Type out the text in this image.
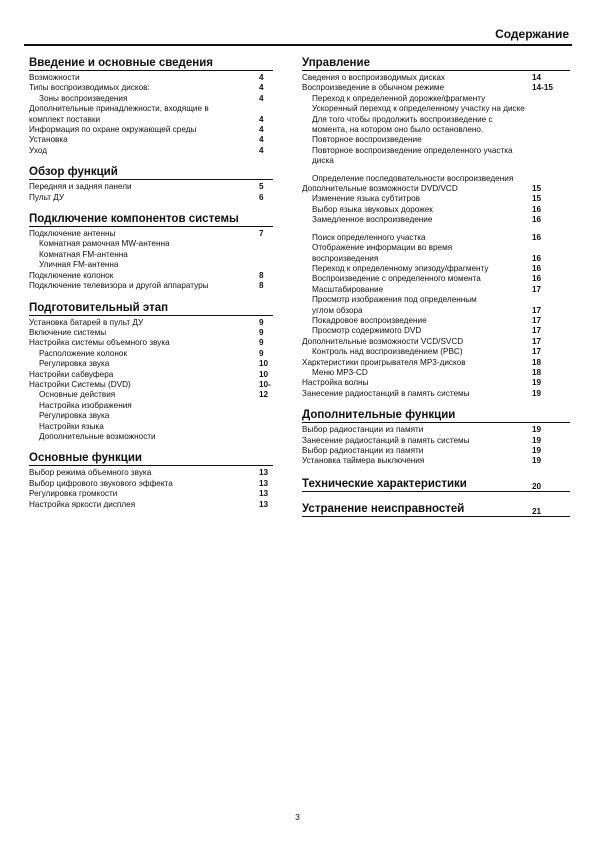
Содержание
Введение и основные сведения
Возможности	4
Типы воспроизводимых дисков:	4
Зоны воспроизведения	4
Дополнительные принадлежности, входящие в
комплект поставки	4
Информация по охране окружающей среды	4
Установка	4
Уход	4
Обзор функций
Передняя и задняя панели	5
Пульт ДУ	6
Подключение компонентов системы
Подключение антенны	7
Комнатная рамочная MW-антенна
Комнатная FM-антенна
Уличная FM-антенна
Подключение колонок	8
Подключение телевизора и другой аппаратуры	8
Подготовительный этап
Установка батарей в пульт ДУ	9
Включение системы	9
Настройка системы объемного звука	9
Расположение колонок	9
Регулировка звука	10
Настройки сабвуфера	10
Настройки Системы (DVD)	10-12
Основные действия
Настройка изображения
Регулировка звука
Настройки языка
Дополнительные возможности
Основные функции
Выбор режима объемного звука	13
Выбор цифрового звукового эффекта	13
Регулировка громкости	13
Настройка яркости дисплея	13
Управление
Сведения о воспроизводимых дисках	14
Воспроизведение в обычном режиме	14-15
Переход к определенной дорожке/фрагменту
Ускоренный переход к определенному участку на диске
Для того чтобы продолжить воспроизведение с
момента, на котором оно было остановлено.
Повторное воспроизведение
Повторное воспроизведение определенного участка диска
Определение последовательности воспроизведения
Дополнительные возможности DVD/VCD	15
Изменение языка субтитров	15
Выбор языка звуковых дорожек	16
Замедленное воспроизведение	16
Поиск определенного участка	16
Отображение информации во время
воспроизведения	16
Переход к определенному эпизоду/фрагменту	16
Воспроизведение с определенного момента	16
Масштабирование	17
Просмотр изображения под определенным
углом обзора	17
Покадровое воспроизведение	17
Просмотр содержимого DVD	17
Дополнительные возможности VCD/SVCD	17
Контроль над воспроизведением (PBC)	17
Харктеристики проигрывателя MP3-дисков	18
Меню MP3-CD	18
Настройка волны	19
Занесение радиостанций в память системы	19
Дополнительные функции
Выбор радиостанции из памяти	19
Занесение радиостанций в память системы	19
Выбор радиостанции из памяти	19
Установка таймера выключения	19
Технические характеристики	20
Устранение неисправностей	21
3
